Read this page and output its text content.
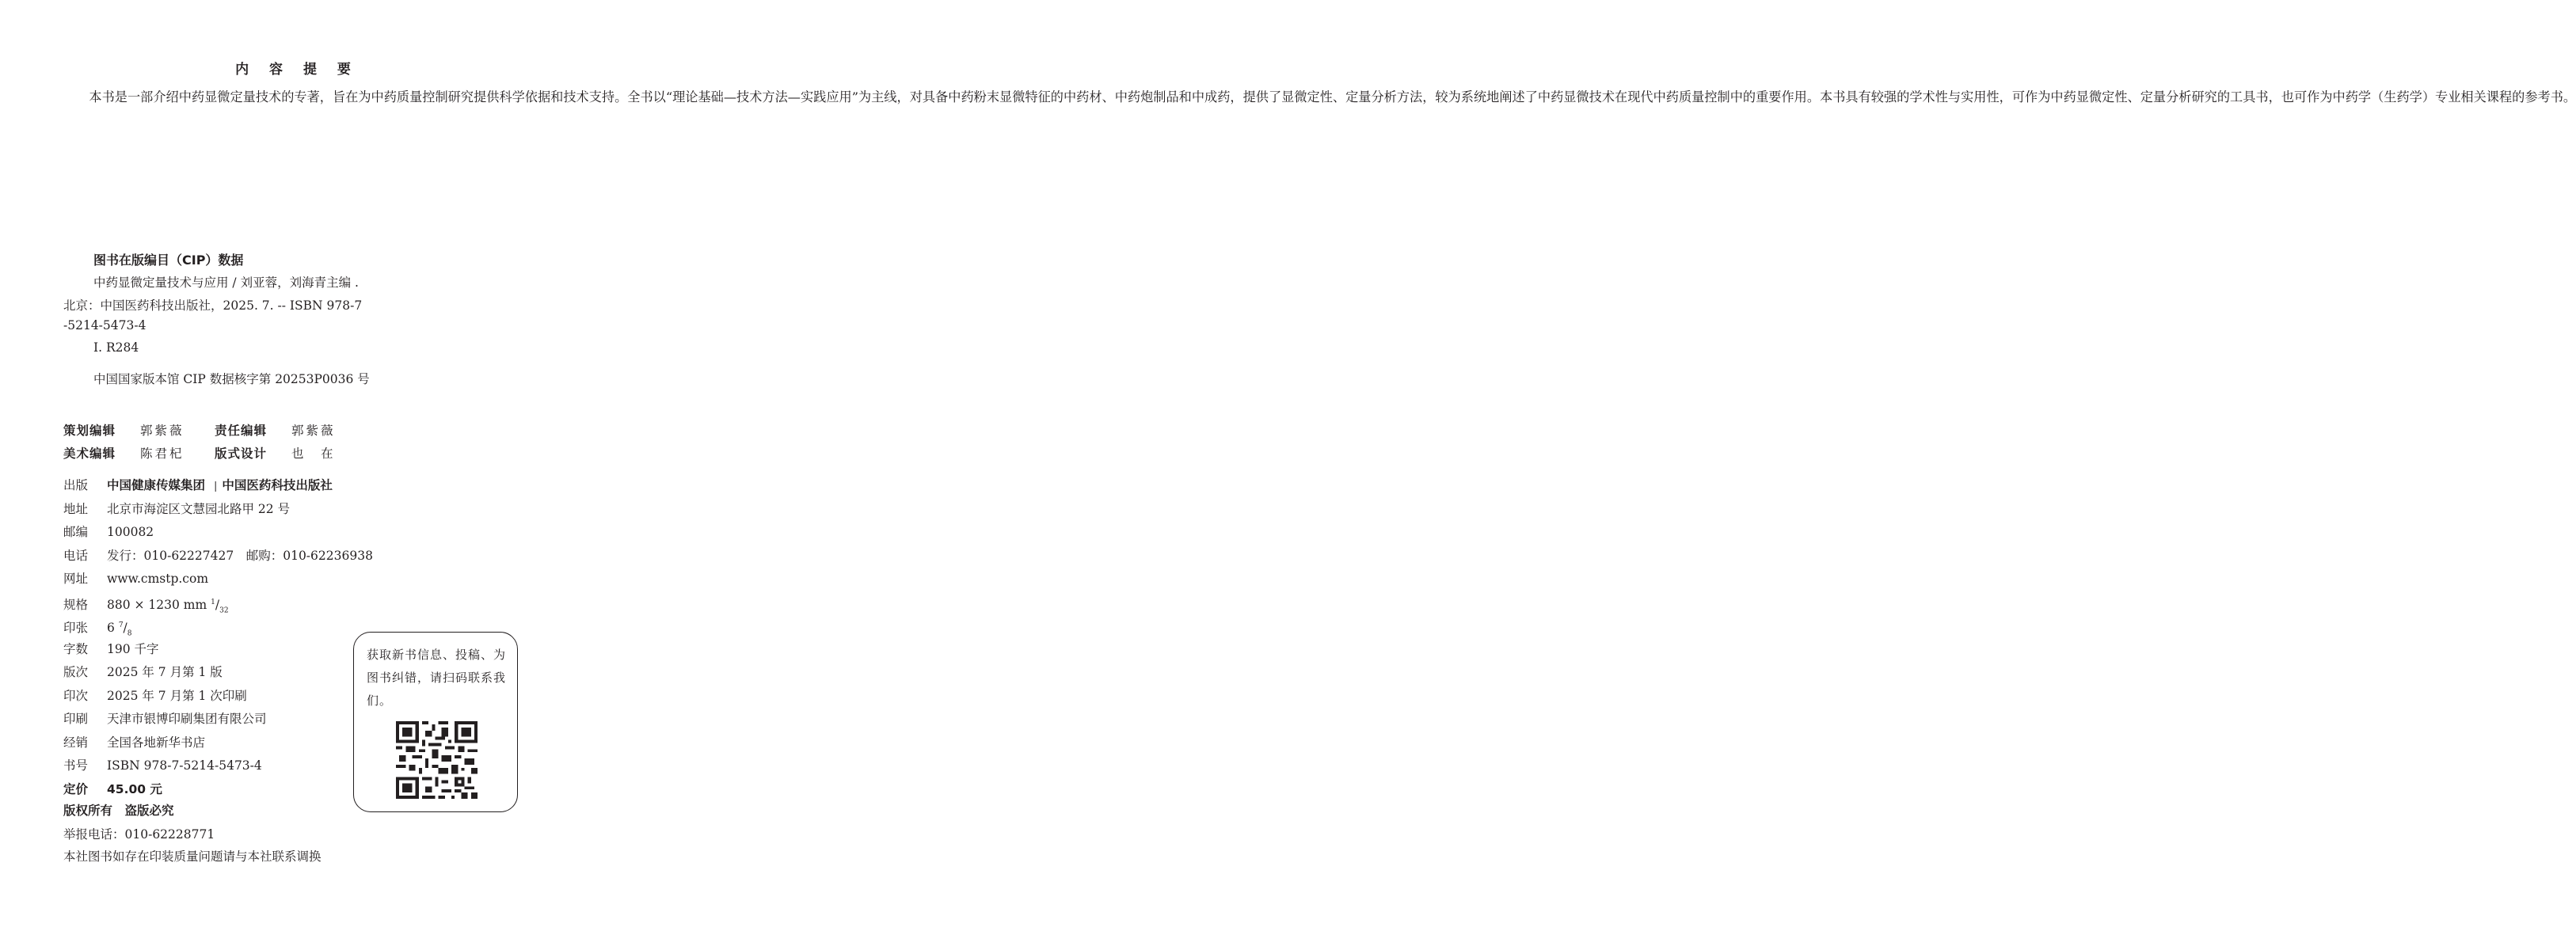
内 容 提 要

本书是一部介绍中药显微定量技术的专著，旨在为中药质量控制研究提供科学依据和技术支持。全书以“理论基础—技术方法—实践应用”为主线，对具备中药粉末显微特征的中药材、中药炮制品和中成药，提供了显微定性、定量分析方法，较为系统地阐述了中药显微技术在现代中药质量控制中的重要作用。本书具有较强的学术性与实用性，可作为中药显微定性、定量分析研究的工具书，也可作为中药学（生药学）专业相关课程的参考书。

图书在版编目（CIP）数据
中药显微定量技术与应用 / 刘亚蓉，刘海青主编 .
北京：中国医药科技出版社，2025. 7. -- ISBN 978-7
-5214-5473-4
Ⅰ. R284
中国国家版本馆 CIP 数据核字第 20253P0036 号
策划编辑 郭紫薇 责任编辑 郭紫薇
美术编辑 陈君杞 版式设计 也　在
出版 中国健康传媒集团 | 中国医药科技出版社
地址 北京市海淀区文慧园北路甲 22 号
邮编 100082
电话 发行：010-62227427　邮购：010-62236938
网址 www.cmstp.com
规格 880 × 1230 mm $^1/_{32}$
印张 6 $^7/_8$
字数 190 千字
版次 2025 年 7 月第 1 版
印次 2025 年 7 月第 1 次印刷
印刷 天津市银博印刷集团有限公司
经销 全国各地新华书店
书号 ISBN 978-7-5214-5473-4
定价 45.00 元
版权所有　盗版必究
举报电话：010-62228771
本社图书如存在印装质量问题请与本社联系调换

获取新书信息、投稿、为图书纠错，请扫码联系我们。
